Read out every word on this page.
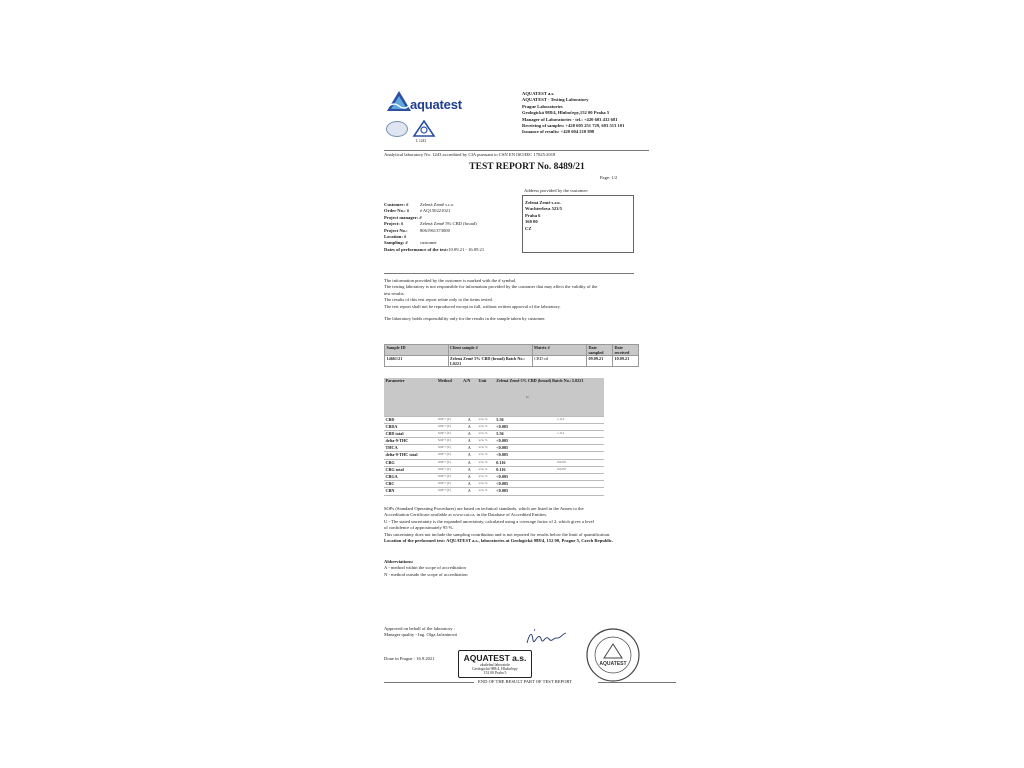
aquatest
L 1243
AQUATEST a.s.
AQUATEST - Testing Laboratory
Prague Laboratories
Geologická 988/4, Hlubočepy,152 00 Praha 5
Manager of Laboratories - tel.: +420 603 432 681
Receiving of samples: +420 605 251 729, 603 513 101
Issuance of results: +420 604 210 898
Analytical laboratory No. 1243 accredited by CIA pursuant to CSN EN ISO/IEC 17025:2018
TEST REPORT No. 8489/21
Page: 1/2
Address provided by the customer:
Zelená Země s.r.o.
Wuchterlova 523/5
Praha 6
160 00
CZ
Customer: #	Zelená Země s.r.o.
Order No.: # é AQ150221021
Project manager: #
Project: #	Zelená Země 5% CBD (broad)
Project No.:	8061961373000
Location: #
Sampling: #	customer
Dates of performance of the test:10.09.21 - 16.09.21
The information provided by the customer is marked with the # symbol.
The testing laboratory is not responsible for information provided by the customer that may affect the validity of the
test results.
The results of this test report relate only to the items tested.
The test report shall not be reproduced except in full, without written approval of the laboratory.
The laboratory holds responsibility only for the results in the sample taken by customer.
Sample ID	Client sample #	Matrix #	Date sampled	Date received
14661/21	Zelená Země 5% CBD (broad) Batch No.: L0221	CBD oil	09.09.21	10.09.21
Parameter	Method	A/N	Unit	Zelená Země 5% CBD (broad) Batch No.: L0221
U	

CBD	SOP 7 (0 )	A	w/w %	5.56	1.112
CBDA	SOP 7 (0 )	A	w/w %	<0.005	
CBD total	SOP 7 (0 )	A	w/w %	5.56	1.112
delta-9-THC	SOP 7 (0 )	A	w/w %	<0.005	
THCA	SOP 7 (0 )	A	w/w %	<0.005	
delta-9-THC total	SOP 7 (0 )	A	w/w %	<0.005	
CBG	SOP 7 (0 )	A	w/w %	0.116	0.0232
CBG total	SOP 7 (0 )	A	w/w %	0.116	0.0232
CBGA	SOP 7 (0 )	A	w/w %	<0.005	
CBC	SOP 7 (0 )	A	w/w %	<0.005	
CBN	SOP 7 (0 )	A	w/w %	<0.005	
SOPs (Standard Operating Procedures) are based on technical standards, which are listed in the Annex to the
Accreditation Certificate available at www.cai.cz, in the Database of Accredited Entities.
U - The stated uncertainty is the expanded uncertainty, calculated using a coverage factor of 2, which gives a level
of confidence of approximately 95 %.
This uncertainty does not include the sampling contribution and is not reported for results below the limit of quantification.
Location of the performed test: AQUATEST a.s., laboratories at Geologická 988/4, 152 00, Prague 5, Czech Republic.
Abbreviations:
A - method within the scope of accreditation
N - method outside the scope of accreditation
Approved on behalf of the laboratory :
Manager quality - Ing. Olga Jačaninová
Done in Prague : 16.9.2021	AQUATEST a.s.
zkušební laboratoře
Geologická 988/4, Hlubočepy
152 00 Praha 5
AQUATEST
END OF THE RESULT PART OF TEST REPORT
